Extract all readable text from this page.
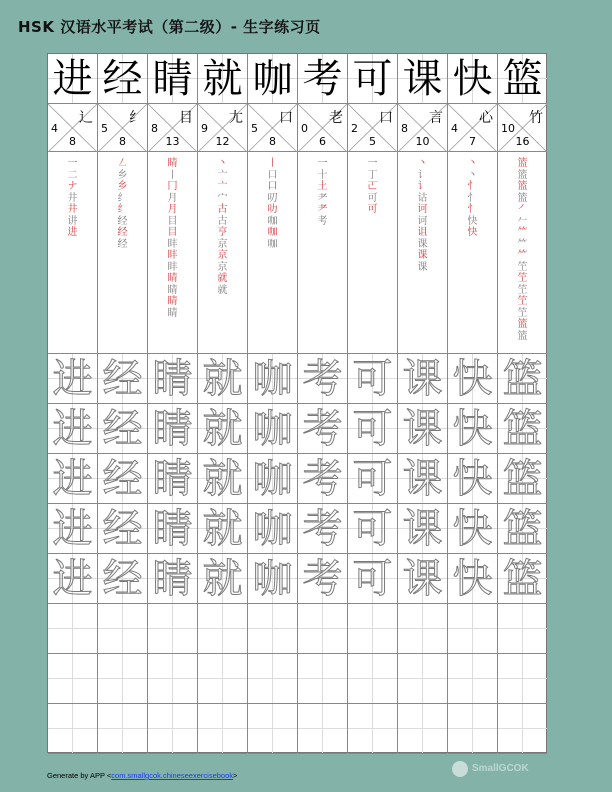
HSK 汉语水平考试（第二级）- 生字练习页
进
辶
4
8
一
二
ナ
井
井
讲
进
进
进
进
进
进
经
纟
5
8
㇜
乡
乡
纟
纟
经
经
经
经
经
经
经
经
睛
目
8
13
睛
丨
冂
月
月
目
目
盽
盽
盽
睛
睛
睛
睛
睛
睛
睛
睛
睛
就
尢
9
12
丶
亠
亠
宀
古
古
亨
京
京
京
就
就
就
就
就
就
就
咖
口
5
8
丨
口
口
叨
叻
咖
咖
咖
咖
咖
咖
咖
咖
考
老
0
6
一
十
土
耂
耂
考
考
考
考
考
考
可
口
2
5
一
丁
𠀀
可
可
可
可
可
可
可
课
言
8
10
丶
讠
讠
诂
诃
诃
诅
课
课
课
课
课
课
课
课
快
心
4
7
丶
丶
忄
忄
忄
快
快
快
快
快
快
快
篮
竹
10
16
篮
篮
篮
篮
㇒
𠂉
⺮
⺮
⺮
笁
笁
笁
笁
笁
篮
篮
篮
篮
篮
篮
篮
Generate by APP <com.smallgcok.chineseexercisebook>
SmallGCOK
